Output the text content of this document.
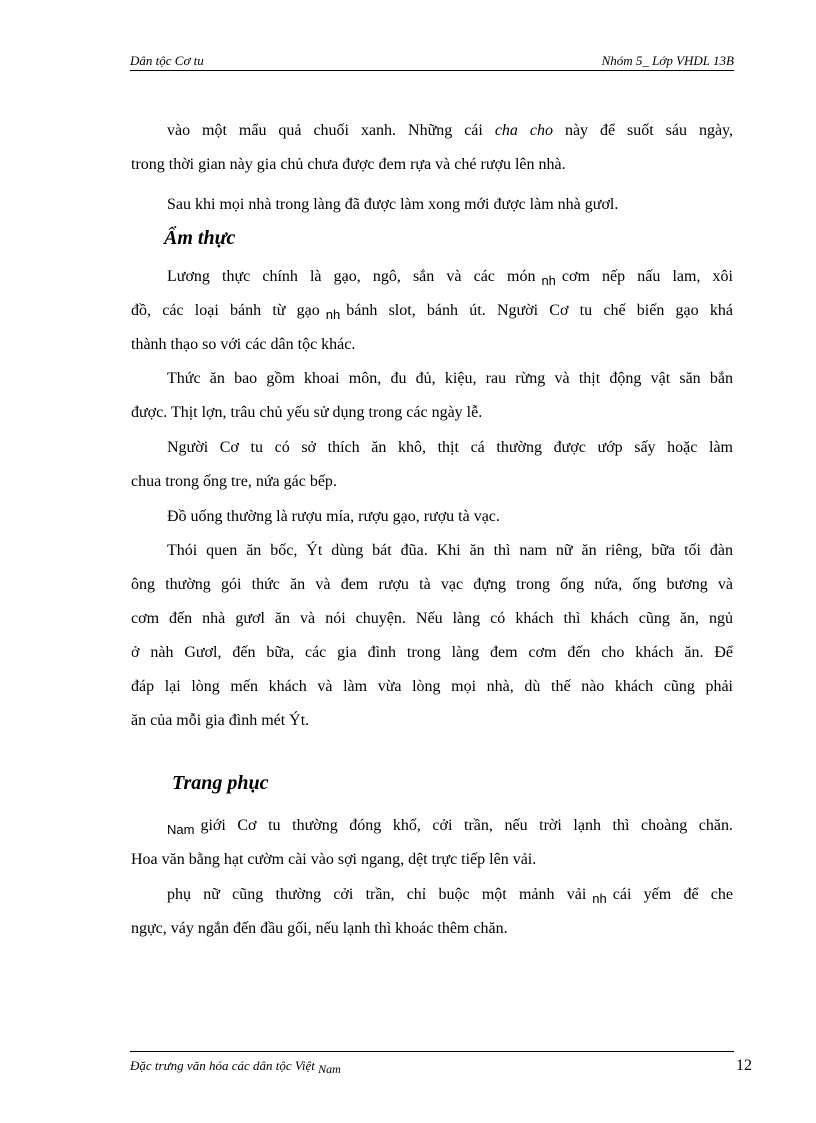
Dân tộc Cơ tu	Nhóm 5_ Lớp VHDL 13B
vào một mẩu quả chuối xanh. Những cái cha cho này để suốt sáu ngày,
trong thời gian này gia chủ chưa được đem rựa và ché rượu lên nhà.
Sau khi mọi nhà trong làng đã được làm xong mới được làm nhà gươl.
Ẩm thực
Lương thực chính là gạo, ngô, sắn và các món $_{nh}$ cơm nếp nấu lam, xôi
đồ, các loại bánh từ gạo $_{nh}$ bánh slot, bánh út. Người Cơ tu chế biến gạo khá
thành thạo so với các dân tộc khác.
Thức ăn bao gồm khoai môn, đu đủ, kiệu, rau rừng và thịt động vật săn bắn
được. Thịt lợn, trâu chủ yếu sử dụng trong các ngày lễ.
Người Cơ tu có sở thích ăn khô, thịt cá thường được ướp sấy hoặc làm
chua trong ống tre, nứa gác bếp.
Đồ uống thường là rượu mía, rượu gạo, rượu tà vạc.
Thói quen ăn bốc, Ýt dùng bát đũa. Khi ăn thì nam nữ ăn riêng, bữa tối đàn
ông thường gói thức ăn và đem rượu tà vạc đựng trong ống nứa, ống bương và
cơm đến nhà gươl ăn và nói chuyện. Nếu làng có khách thì khách cũng ăn, ngủ
ở nàh Gươl, đến bữa, các gia đình trong làng đem cơm đến cho khách ăn. Để
đáp lại lòng mến khách và làm vừa lòng mọi nhà, dù thế nào khách cũng phải
ăn của mỗi gia đình mét Ýt.
Trang phục
$_{Nam}$ giới Cơ tu thường đóng khố, cởi trần, nếu trời lạnh thì choàng chăn.
Hoa văn bằng hạt cườm cài vào sợi ngang, dệt trực tiếp lên vải.
phụ nữ cũng thường cởi trần, chỉ buộc một mảnh vải $_{nh}$ cái yếm để che
ngực, váy ngắn đến đầu gối, nếu lạnh thì khoác thêm chăn.
Đặc trưng văn hóa các dân tộc Việt Nam	12
